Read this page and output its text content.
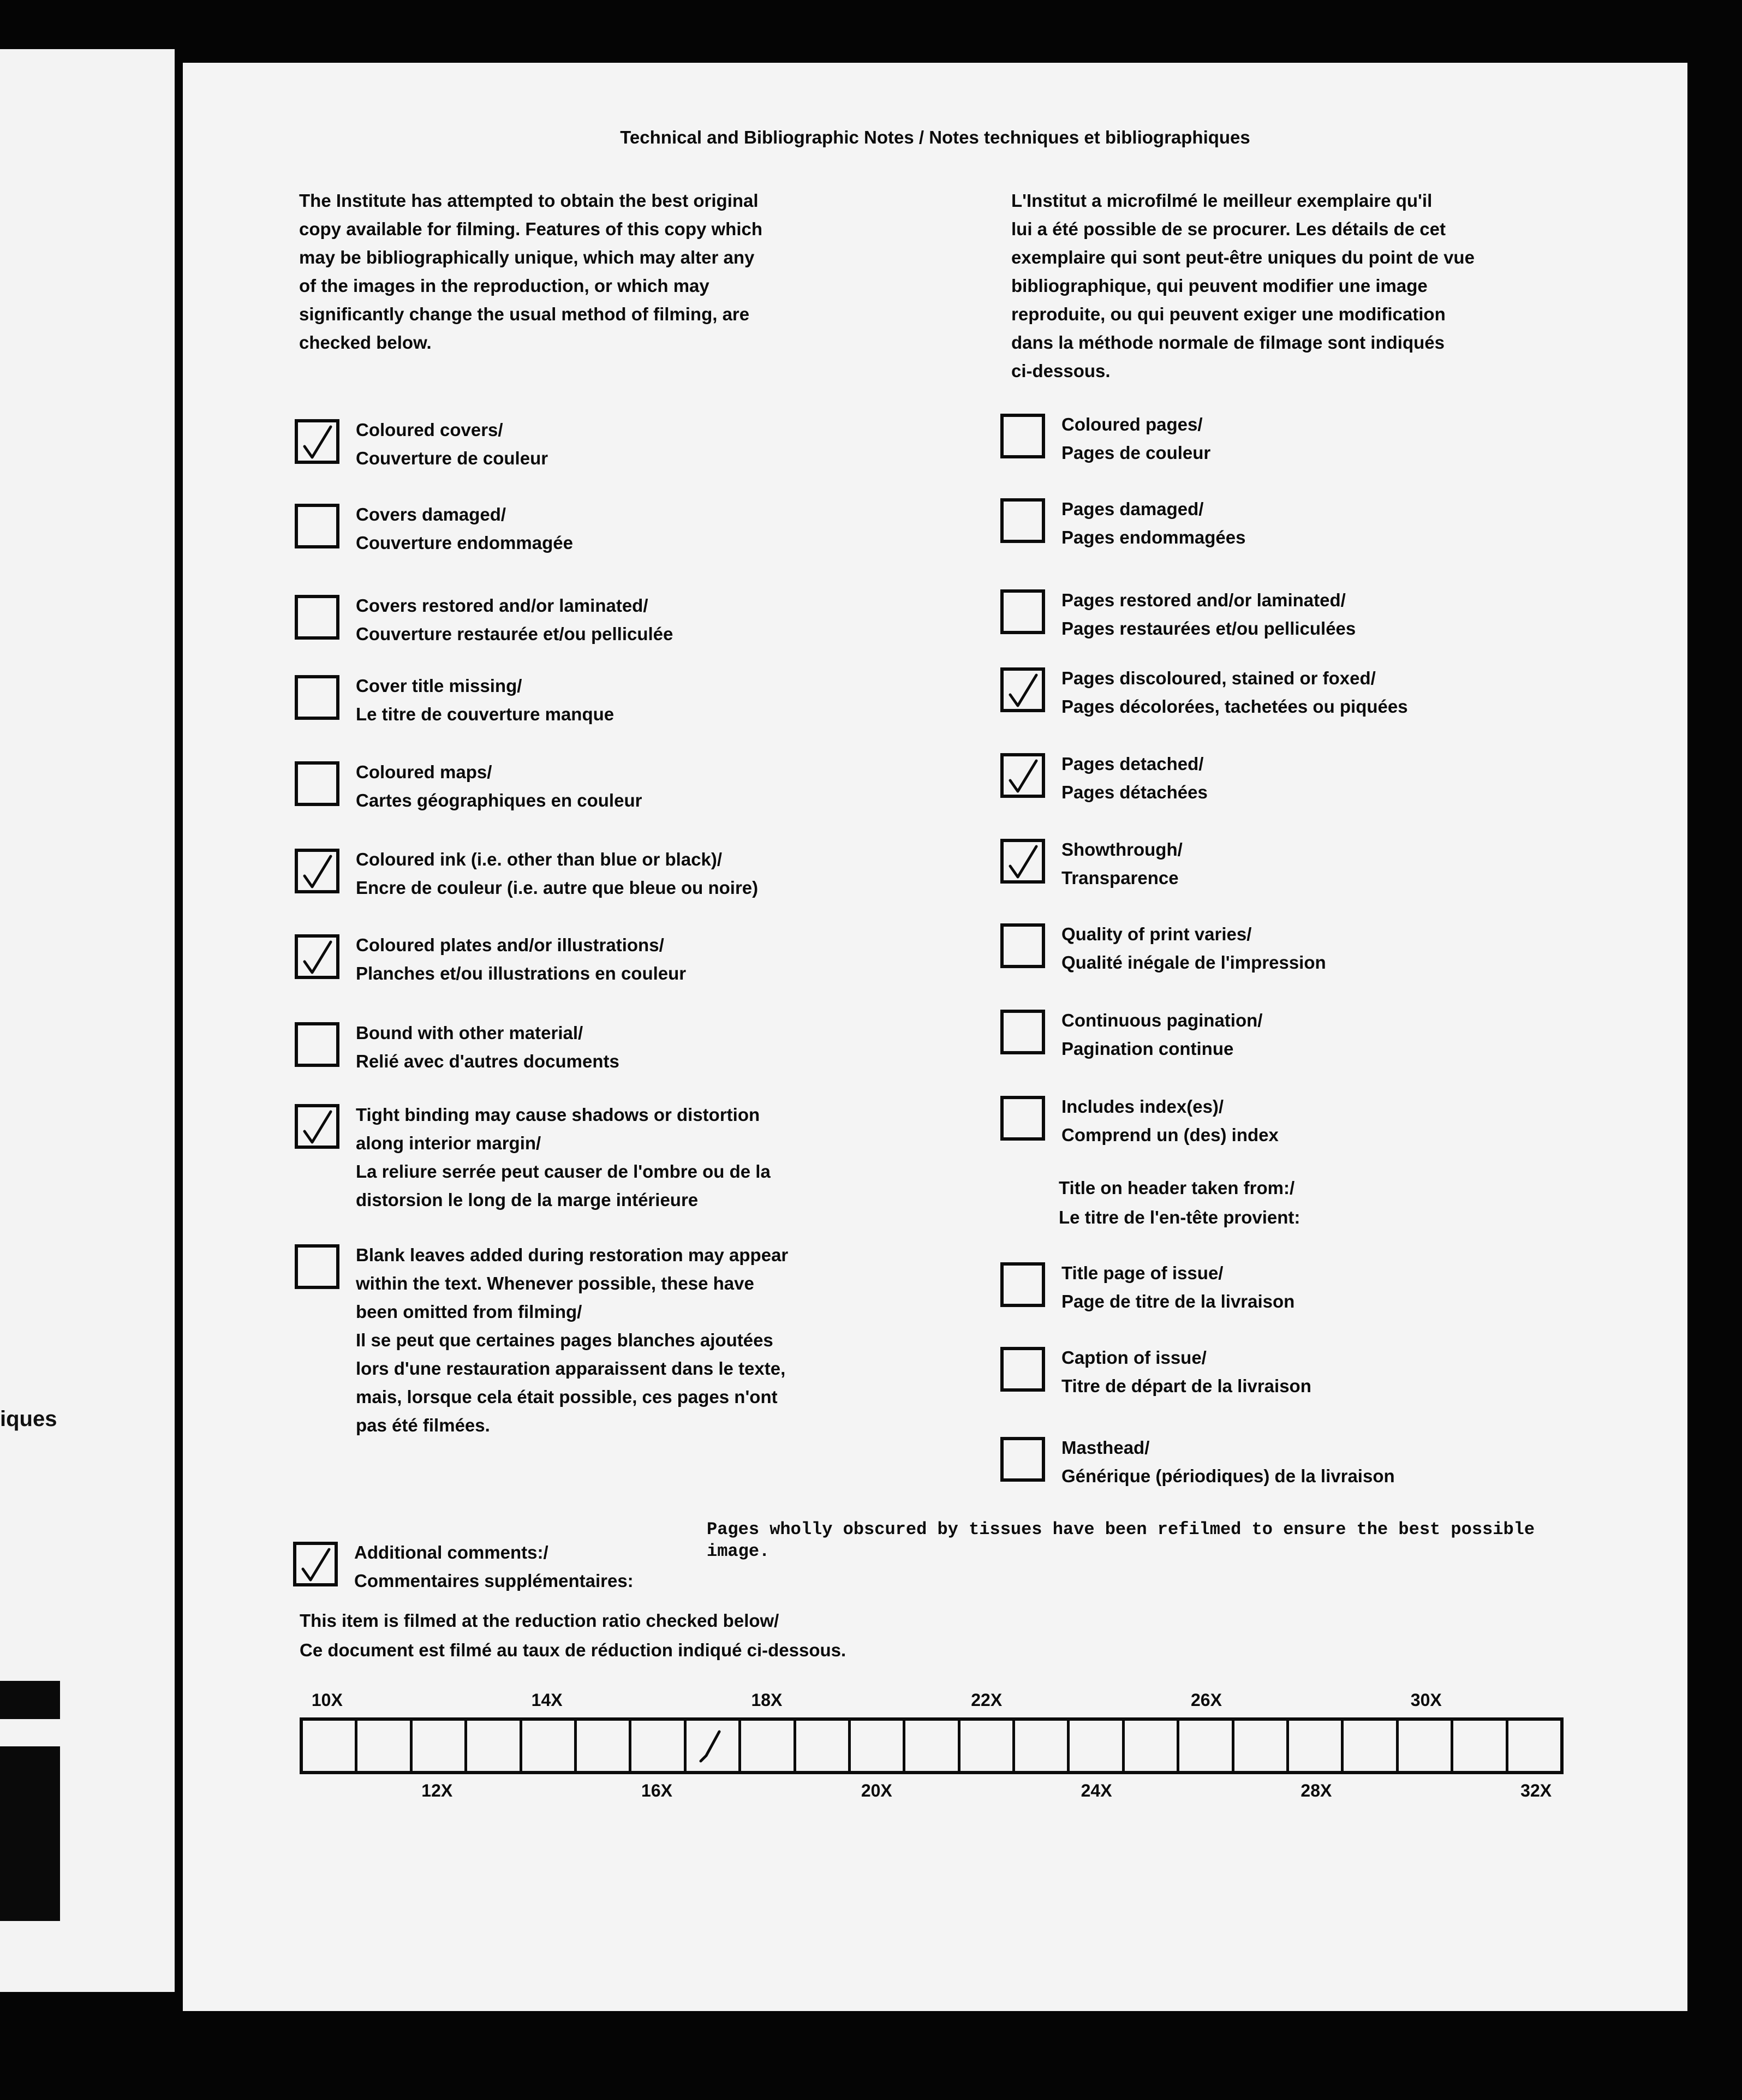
iques
Technical and Bibliographic Notes / Notes techniques et bibliographiques
The Institute has attempted to obtain the best original
copy available for filming. Features of this copy which
may be bibliographically unique, which may alter any
of the images in the reproduction, or which may
significantly change the usual method of filming, are
checked below.
L'Institut a microfilmé le meilleur exemplaire qu'il
lui a été possible de se procurer. Les détails de cet
exemplaire qui sont peut-être uniques du point de vue
bibliographique, qui peuvent modifier une image
reproduite, ou qui peuvent exiger une modification
dans la méthode normale de filmage sont indiqués
ci-dessous.
Coloured covers/
Couverture de couleur
Covers damaged/
Couverture endommagée
Covers restored and/or laminated/
Couverture restaurée et/ou pelliculée
Cover title missing/
Le titre de couverture manque
Coloured maps/
Cartes géographiques en couleur
Coloured ink (i.e. other than blue or black)/
Encre de couleur (i.e. autre que bleue ou noire)
Coloured plates and/or illustrations/
Planches et/ou illustrations en couleur
Bound with other material/
Relié avec d'autres documents
Tight binding may cause shadows or distortion
along interior margin/
La reliure serrée peut causer de l'ombre ou de la
distorsion le long de la marge intérieure
Blank leaves added during restoration may appear
within the text. Whenever possible, these have
been omitted from filming/
Il se peut que certaines pages blanches ajoutées
lors d'une restauration apparaissent dans le texte,
mais, lorsque cela était possible, ces pages n'ont
pas été filmées.
Coloured pages/
Pages de couleur
Pages damaged/
Pages endommagées
Pages restored and/or laminated/
Pages restaurées et/ou pelliculées
Pages discoloured, stained or foxed/
Pages décolorées, tachetées ou piquées
Pages detached/
Pages détachées
Showthrough/
Transparence
Quality of print varies/
Qualité inégale de l'impression
Continuous pagination/
Pagination continue
Includes index(es)/
Comprend un (des) index
Title page of issue/
Page de titre de la livraison
Caption of issue/
Titre de départ de la livraison
Masthead/
Générique (périodiques) de la livraison
Title on header taken from:/
Le titre de l'en-tête provient:
Additional comments:/
Commentaires supplémentaires:
Pages wholly obscured by tissues have been refilmed to ensure the best possible image.
This item is filmed at the reduction ratio checked below/
Ce document est filmé au taux de réduction indiqué ci-dessous.
10X	14X	18X	22X	26X	30X
12X	16X	20X	24X	28X	32X
